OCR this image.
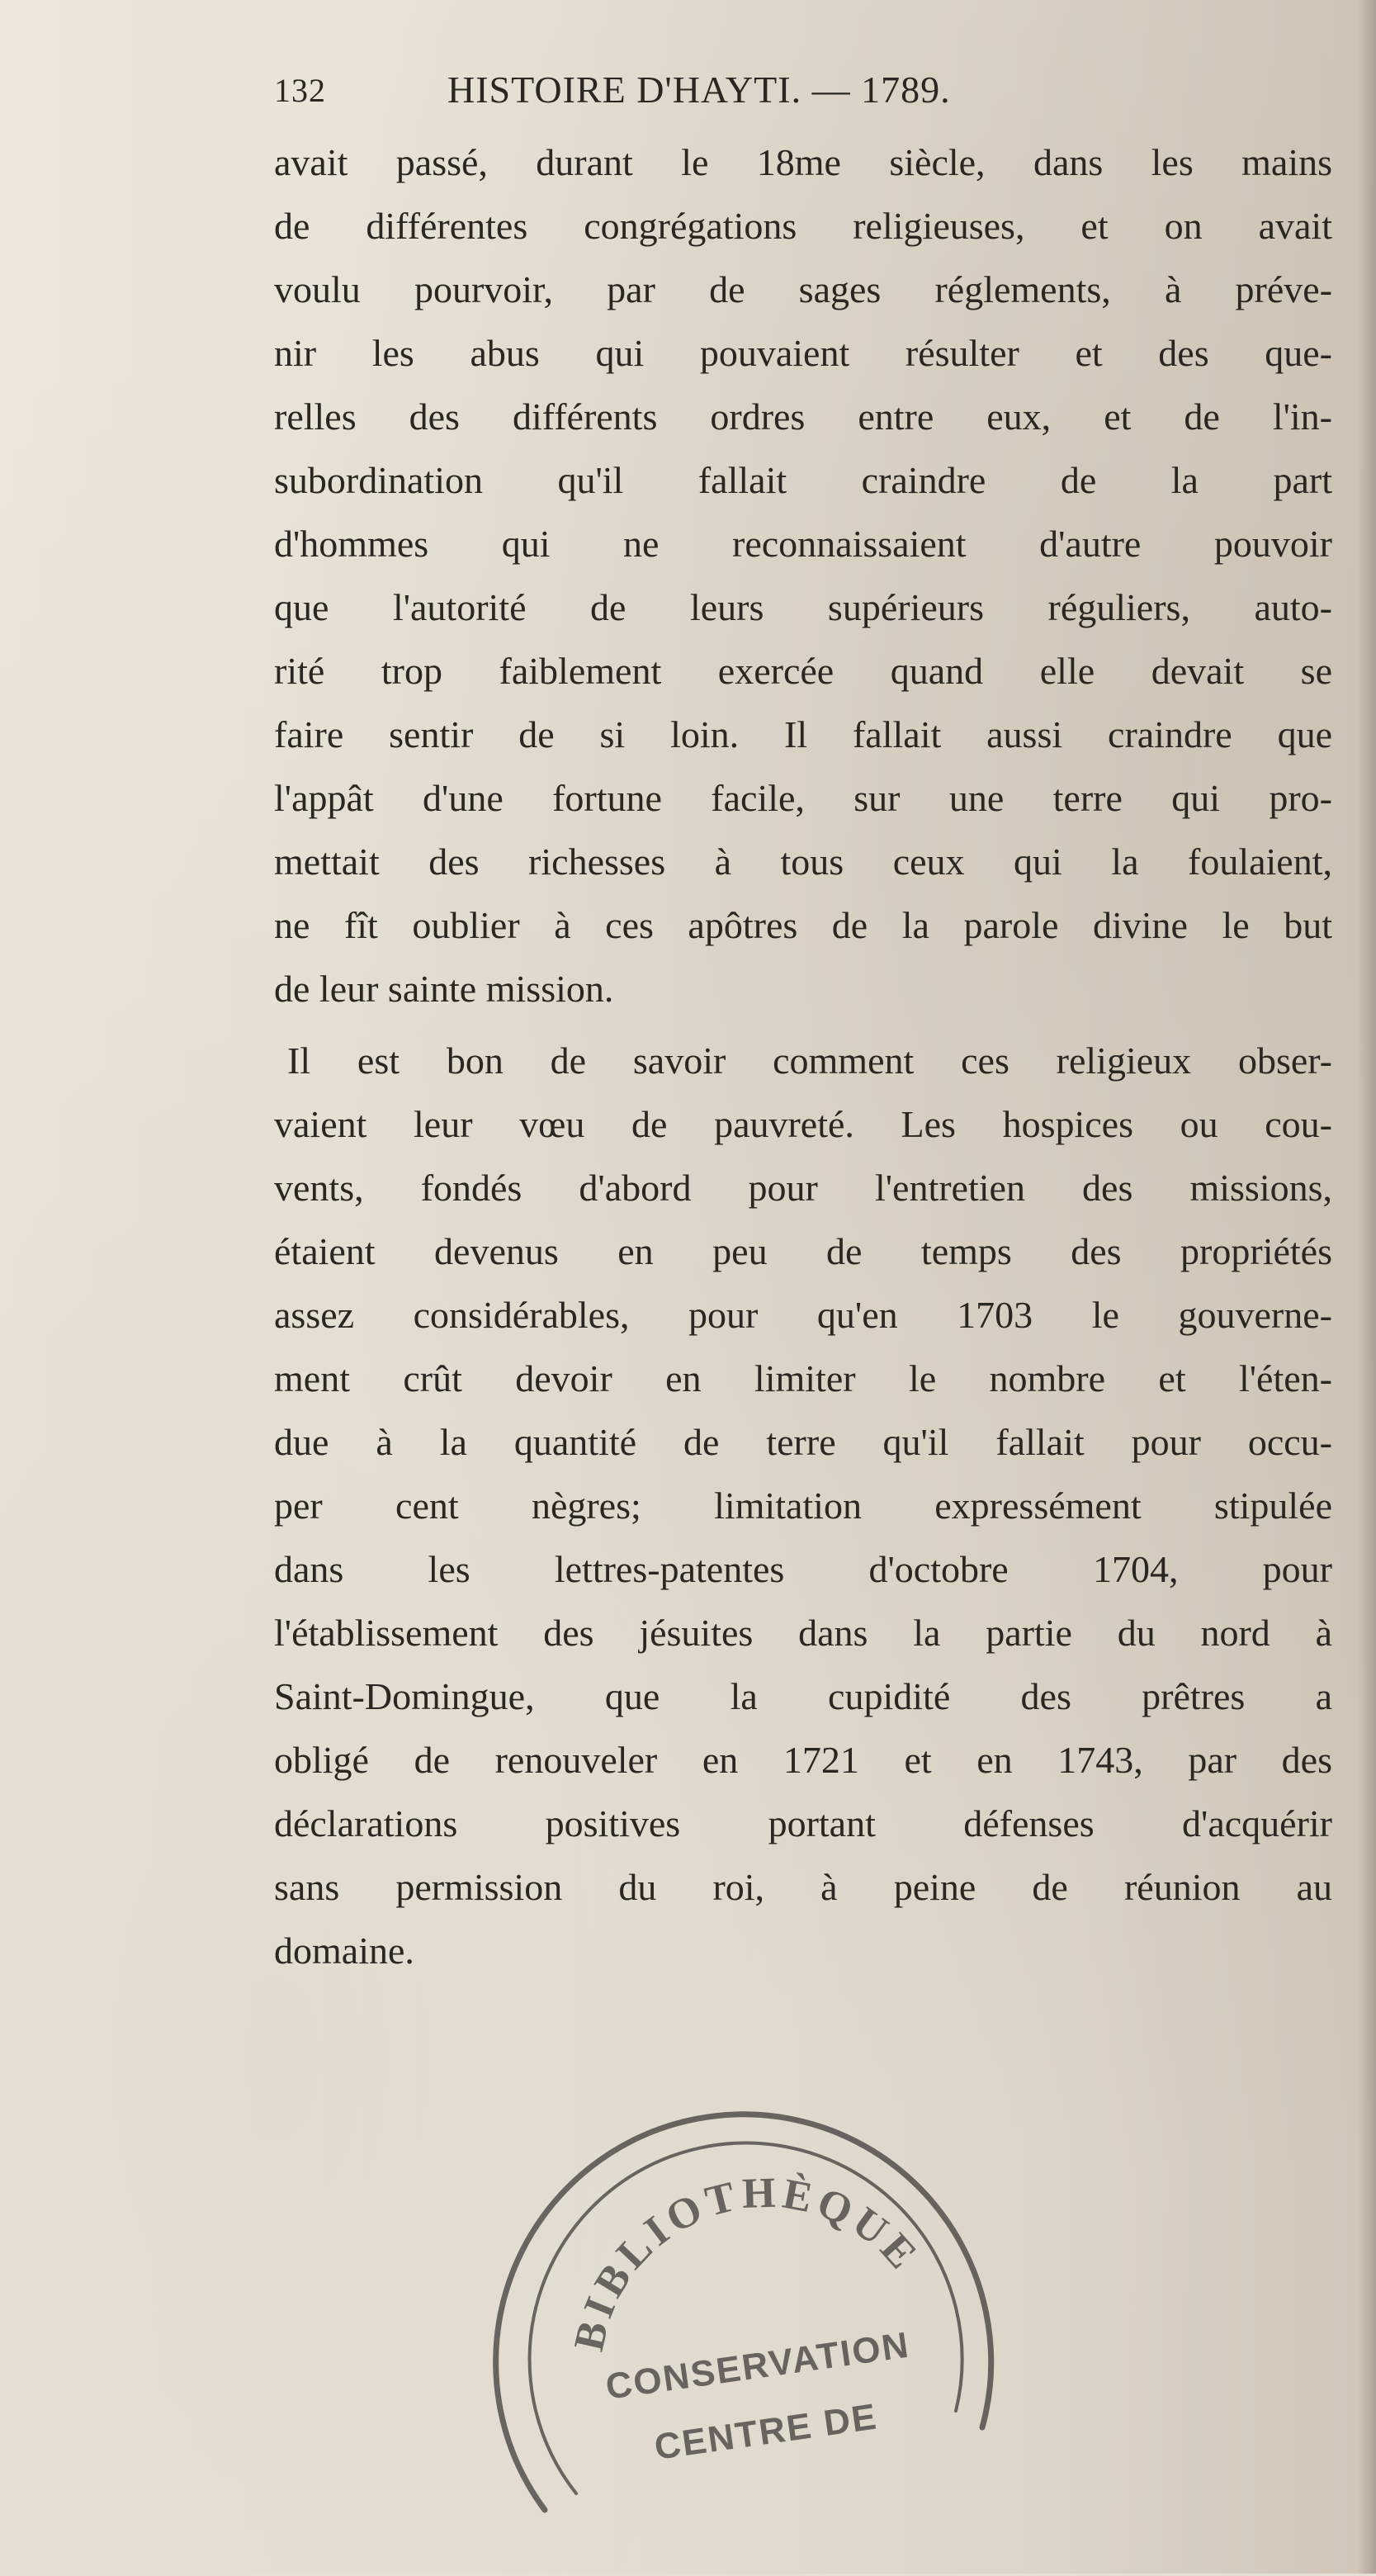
132	HISTOIRE D'HAYTI. — 1789.
avait passé, durant le 18me siècle, dans les mains
de différentes congrégations religieuses, et on avait
voulu pourvoir, par de sages réglements, à préve-
nir les abus qui pouvaient résulter et des que-
relles des différents ordres entre eux, et de l'in-
subordination qu'il fallait craindre de la part
d'hommes qui ne reconnaissaient d'autre pouvoir
que l'autorité de leurs supérieurs réguliers, auto-
rité trop faiblement exercée quand elle devait se
faire sentir de si loin. Il fallait aussi craindre que
l'appât d'une fortune facile, sur une terre qui pro-
mettait des richesses à tous ceux qui la foulaient,
ne fît oublier à ces apôtres de la parole divine le but
de leur sainte mission.
Il est bon de savoir comment ces religieux obser-
vaient leur vœu de pauvreté. Les hospices ou cou-
vents, fondés d'abord pour l'entretien des missions,
étaient devenus en peu de temps des propriétés
assez considérables, pour qu'en 1703 le gouverne-
ment crût devoir en limiter le nombre et l'éten-
due à la quantité de terre qu'il fallait pour occu-
per cent nègres; limitation expressément stipulée
dans les lettres-patentes d'octobre 1704, pour
l'établissement des jésuites dans la partie du nord à
Saint-Domingue, que la cupidité des prêtres a
obligé de renouveler en 1721 et en 1743, par des
déclarations positives portant défenses d'acquérir
sans permission du roi, à peine de réunion au
domaine.
BIBLIOTHÈQUE
CONSERVATION
CENTRE DE
